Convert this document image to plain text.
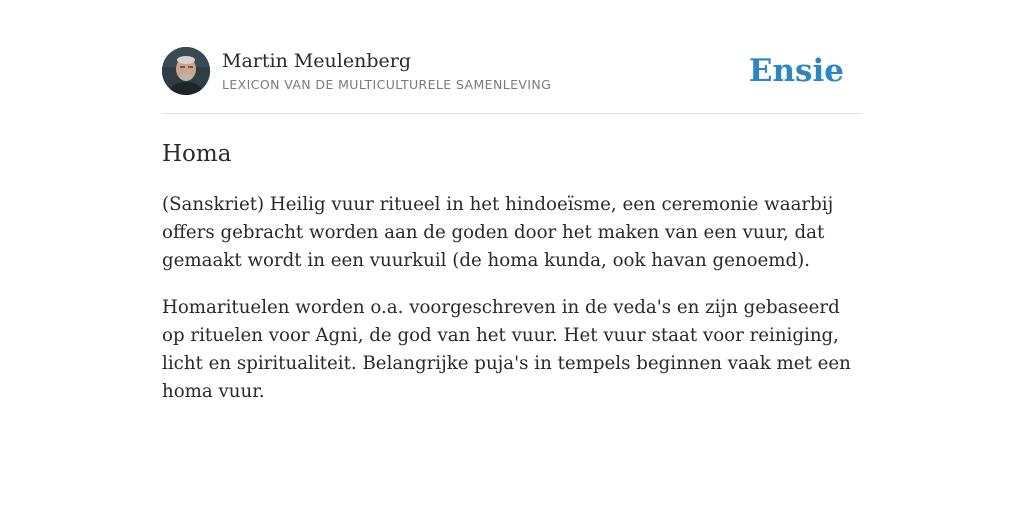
Martin Meulenberg
LEXICON VAN DE MULTICULTURELE SAMENLEVING	Ensie
Homa

(Sanskriet) Heilig vuur ritueel in het hindoeïsme, een ceremonie waarbij offers gebracht worden aan de goden door het maken van een vuur, dat gemaakt wordt in een vuurkuil (de homa kunda, ook havan genoemd).

Homarituelen worden o.a. voorgeschreven in de veda's en zijn gebaseerd op rituelen voor Agni, de god van het vuur. Het vuur staat voor reiniging, licht en spiritualiteit. Belangrijke puja's in tempels beginnen vaak met een homa vuur.
